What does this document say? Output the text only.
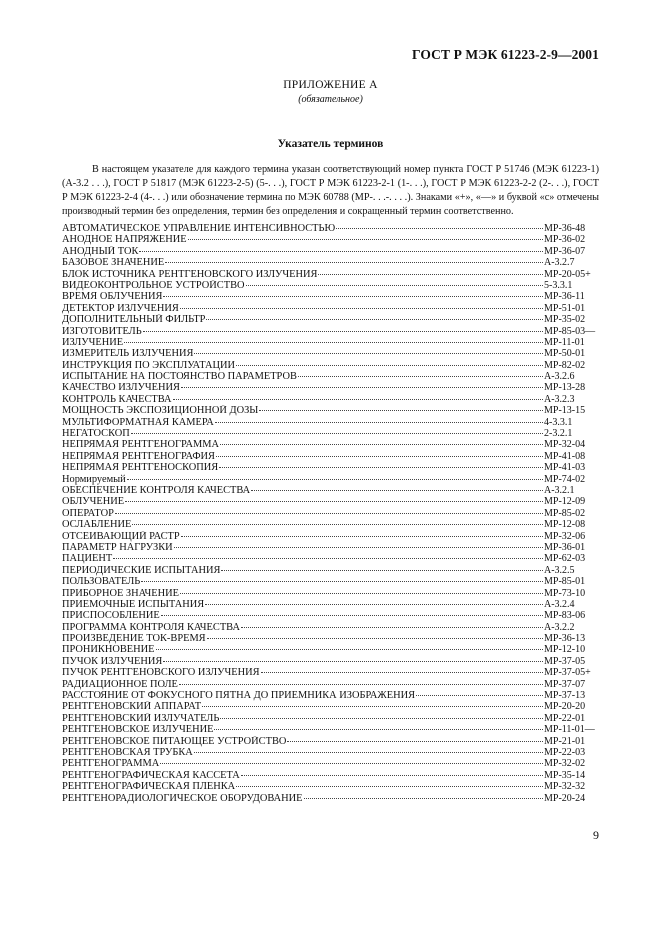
ГОСТ Р МЭК 61223-2-9—2001
ПРИЛОЖЕНИЕ А
(обязательное)
Указатель терминов

В настоящем указателе для каждого термина указан соответствующий номер пункта ГОСТ Р 51746 (МЭК 61223-1) (А-3.2 . . .), ГОСТ Р 51817 (МЭК 61223-2-5) (5-. . .), ГОСТ Р МЭК 61223-2-1 (1-. . .), ГОСТ Р МЭК 61223-2-2 (2-. . .), ГОСТ Р МЭК 61223-2-4 (4-. . .) или обозначение термина по МЭК 60788 (МР-. . .-. . . .). Знаками «+», «—» и буквой «с» отмечены производный термин без определения, термин без определения и сокращенный термин соответственно.

АВТОМАТИЧЕСКОЕ УПРАВЛЕНИЕ ИНТЕНСИВНОСТЬЮ	МР-36-48
АНОДНОЕ НАПРЯЖЕНИЕ	МР-36-02
АНОДНЫЙ ТОК	МР-36-07
БАЗОВОЕ ЗНАЧЕНИЕ	А-3.2.7
БЛОК ИСТОЧНИКА РЕНТГЕНОВСКОГО ИЗЛУЧЕНИЯ	МР-20-05+
ВИДЕОКОНТРОЛЬНОЕ УСТРОЙСТВО	5-3.3.1
ВРЕМЯ ОБЛУЧЕНИЯ	МР-36-11
ДЕТЕКТОР ИЗЛУЧЕНИЯ	МР-51-01
ДОПОЛНИТЕЛЬНЫЙ ФИЛЬТР	МР-35-02
ИЗГОТОВИТЕЛЬ	МР-85-03—
ИЗЛУЧЕНИЕ	МР-11-01
ИЗМЕРИТЕЛЬ ИЗЛУЧЕНИЯ	МР-50-01
ИНСТРУКЦИЯ ПО ЭКСПЛУАТАЦИИ	МР-82-02
ИСПЫТАНИЕ НА ПОСТОЯНСТВО ПАРАМЕТРОВ	А-3.2.6
КАЧЕСТВО ИЗЛУЧЕНИЯ	МР-13-28
КОНТРОЛЬ КАЧЕСТВА	А-3.2.3
МОЩНОСТЬ ЭКСПОЗИЦИОННОЙ ДОЗЫ	МР-13-15
МУЛЬТИФОРМАТНАЯ КАМЕРА	4-3.3.1
НЕГАТОСКОП	2-3.2.1
НЕПРЯМАЯ РЕНТГЕНОГРАММА	МР-32-04
НЕПРЯМАЯ РЕНТГЕНОГРАФИЯ	МР-41-08
НЕПРЯМАЯ РЕНТГЕНОСКОПИЯ	МР-41-03
Нормируемый	МР-74-02
ОБЕСПЕЧЕНИЕ КОНТРОЛЯ КАЧЕСТВА	А-3.2.1
ОБЛУЧЕНИЕ	МР-12-09
ОПЕРАТОР	МР-85-02
ОСЛАБЛЕНИЕ	МР-12-08
ОТСЕИВАЮЩИЙ РАСТР	МР-32-06
ПАРАМЕТР НАГРУЗКИ	МР-36-01
ПАЦИЕНТ	МР-62-03
ПЕРИОДИЧЕСКИЕ ИСПЫТАНИЯ	А-3.2.5
ПОЛЬЗОВАТЕЛЬ	МР-85-01
ПРИБОРНОЕ ЗНАЧЕНИЕ	МР-73-10
ПРИЕМОЧНЫЕ ИСПЫТАНИЯ	А-3.2.4
ПРИСПОСОБЛЕНИЕ	МР-83-06
ПРОГРАММА КОНТРОЛЯ КАЧЕСТВА	А-3.2.2
ПРОИЗВЕДЕНИЕ ТОК-ВРЕМЯ	МР-36-13
ПРОНИКНОВЕНИЕ	МР-12-10
ПУЧОК ИЗЛУЧЕНИЯ	МР-37-05
ПУЧОК РЕНТГЕНОВСКОГО ИЗЛУЧЕНИЯ	МР-37-05+
РАДИАЦИОННОЕ ПОЛЕ	МР-37-07
РАССТОЯНИЕ ОТ ФОКУСНОГО ПЯТНА ДО ПРИЕМНИКА ИЗОБРАЖЕНИЯ	МР-37-13
РЕНТГЕНОВСКИЙ АППАРАТ	МР-20-20
РЕНТГЕНОВСКИЙ ИЗЛУЧАТЕЛЬ	МР-22-01
РЕНТГЕНОВСКОЕ ИЗЛУЧЕНИЕ	МР-11-01—
РЕНТГЕНОВСКОЕ ПИТАЮЩЕЕ УСТРОЙСТВО	МР-21-01
РЕНТГЕНОВСКАЯ ТРУБКА	МР-22-03
РЕНТГЕНОГРАММА	МР-32-02
РЕНТГЕНОГРАФИЧЕСКАЯ КАССЕТА	МР-35-14
РЕНТГЕНОГРАФИЧЕСКАЯ ПЛЕНКА	МР-32-32
РЕНТГЕНОРАДИОЛОГИЧЕСКОЕ ОБОРУДОВАНИЕ	МР-20-24
9
